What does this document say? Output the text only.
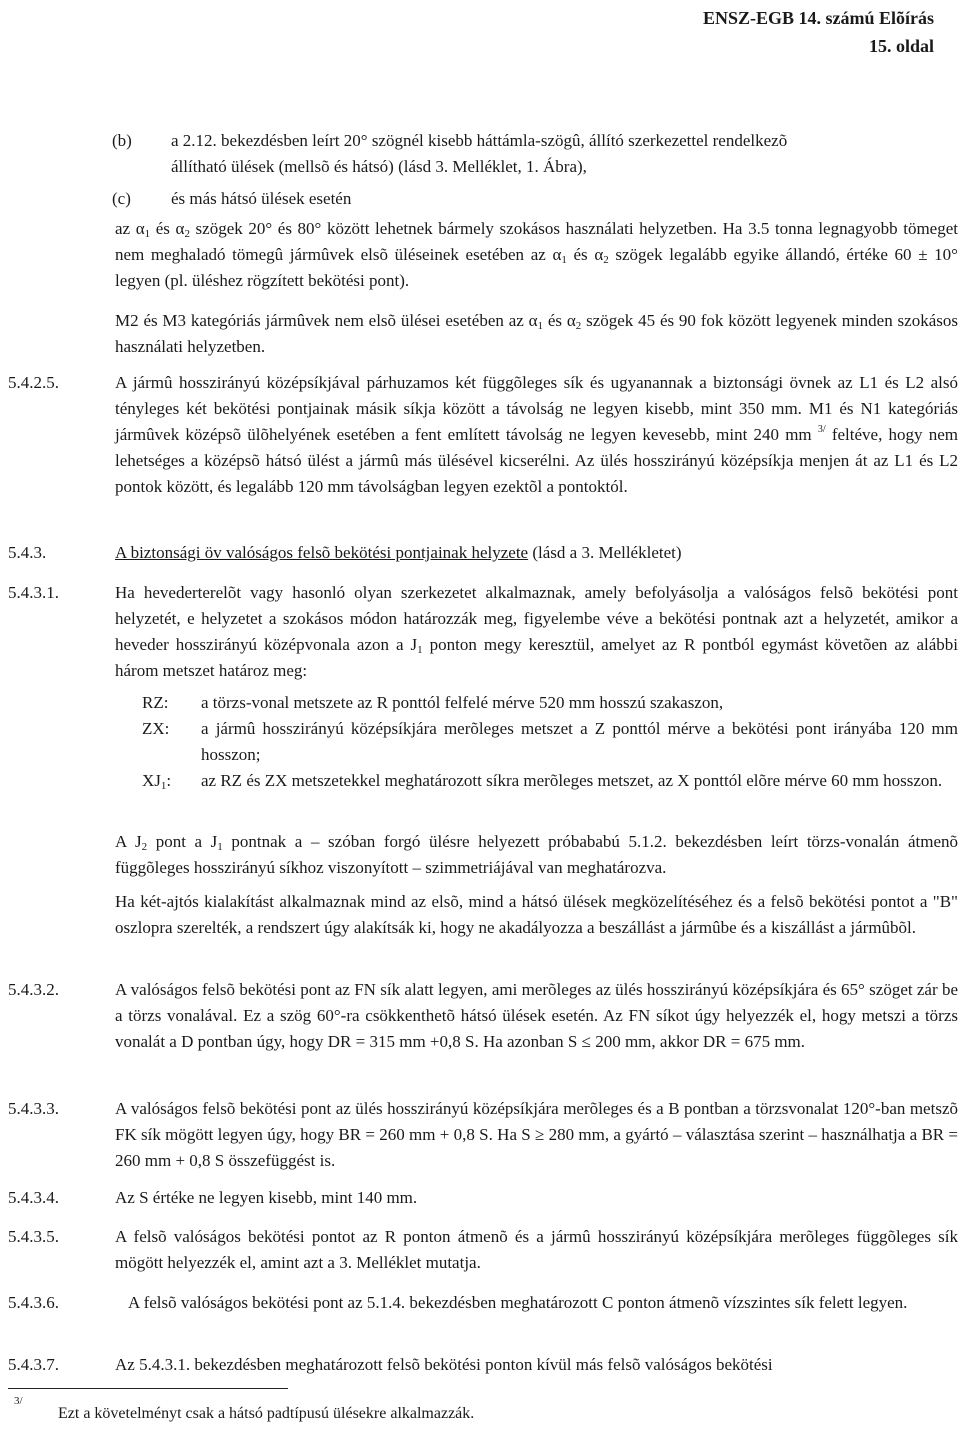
ENSZ-EGB 14. számú Elõírás
15. oldal
(b) a 2.12. bekezdésben leírt 20° szögnél kisebb háttámla-szögû, állító szerkezettel rendelkezõ
állítható ülések (mellsõ és hátsó) (lásd 3. Melléklet, 1. Ábra),
(c) és más hátsó ülések esetén
az $\alpha_1$ és $\alpha_2$ szögek 20° és 80° között lehetnek bármely szokásos használati helyzetben. Ha 3.5 tonna legnagyobb tömeget nem meghaladó tömegû jármûvek elsõ üléseinek esetében az $\alpha_1$ és $\alpha_2$ szögek legalább egyike állandó, értéke 60 ± 10° legyen (pl. üléshez rögzített bekötési pont).
M2 és M3 kategóriás jármûvek nem elsõ ülései esetében az $\alpha_1$ és $\alpha_2$ szögek 45 és 90 fok között legyenek minden szokásos használati helyzetben.
5.4.2.5.	A jármû hosszirányú középsíkjával párhuzamos két függõleges sík és ugyanannak a biztonsági övnek az L1 és L2 alsó tényleges két bekötési pontjainak másik síkja között a távolság ne legyen kisebb, mint 350 mm. M1 és N1 kategóriás jármûvek középsõ ülõhelyének esetében a fent említett távolság ne legyen kevesebb, mint 240 mm $^{3/}$ feltéve, hogy nem lehetséges a középsõ hátsó ülést a jármû más ülésével kicserélni. Az ülés hosszirányú középsíkja menjen át az L1 és L2 pontok között, és legalább 120 mm távolságban legyen ezektõl a pontoktól.
5.4.3.	A biztonsági öv valóságos felsõ bekötési pontjainak helyzete (lásd a 3. Mellékletet)
5.4.3.1.	Ha hevederterelõt vagy hasonló olyan szerkezetet alkalmaznak, amely befolyásolja a valóságos felsõ bekötési pont helyzetét, e helyzetet a szokásos módon határozzák meg, figyelembe véve a bekötési pontnak azt a helyzetét, amikor a heveder hosszirányú középvonala azon a $J_1$ ponton megy keresztül, amelyet az R pontból egymást követõen az alábbi három metszet határoz meg:
RZ: a törzs-vonal metszete az R ponttól felfelé mérve 520 mm hosszú szakaszon,
ZX: a jármû hosszirányú középsíkjára merõleges metszet a Z ponttól mérve a bekötési pont irányába 120 mm hosszon;
$XJ_1$: az RZ és ZX metszetekkel meghatározott síkra merõleges metszet, az X ponttól elõre mérve 60 mm hosszon.
A $J_2$ pont a $J_1$ pontnak a – szóban forgó ülésre helyezett próbababú 5.1.2. bekezdésben leírt törzs-vonalán átmenõ függõleges hosszirányú síkhoz viszonyított – szimmetriájával van meghatározva.
Ha két-ajtós kialakítást alkalmaznak mind az elsõ, mind a hátsó ülések megközelítéséhez és a felsõ bekötési pontot a "B" oszlopra szerelték, a rendszert úgy alakítsák ki, hogy ne akadályozza a beszállást a jármûbe és a kiszállást a jármûbõl.
5.4.3.2.	A valóságos felsõ bekötési pont az FN sík alatt legyen, ami merõleges az ülés hosszirányú középsíkjára és 65° szöget zár be a törzs vonalával. Ez a szög 60°-ra csökkenthetõ hátsó ülések esetén. Az FN síkot úgy helyezzék el, hogy metszi a törzs vonalát a D pontban úgy, hogy DR = 315 mm +0,8 S. Ha azonban S ≤ 200 mm, akkor DR = 675 mm.
5.4.3.3.	A valóságos felsõ bekötési pont az ülés hosszirányú középsíkjára merõleges és a B pontban a törzsvonalat 120°-ban metszõ FK sík mögött legyen úgy, hogy BR = 260 mm + 0,8 S. Ha S ≥ 280 mm, a gyártó – választása szerint – használhatja a BR = 260 mm + 0,8 S összefüggést is.
5.4.3.4.	Az S értéke ne legyen kisebb, mint 140 mm.
5.4.3.5.	A felsõ valóságos bekötési pontot az R ponton átmenõ és a jármû hosszirányú középsíkjára merõleges függõleges sík mögött helyezzék el, amint azt a 3. Melléklet mutatja.
5.4.3.6.	A felsõ valóságos bekötési pont az 5.1.4. bekezdésben meghatározott C ponton átmenõ vízszintes sík felett legyen.
5.4.3.7.	Az 5.4.3.1. bekezdésben meghatározott felsõ bekötési ponton kívül más felsõ valóságos bekötési
3/
Ezt a követelményt csak a hátsó padtípusú ülésekre alkalmazzák.
